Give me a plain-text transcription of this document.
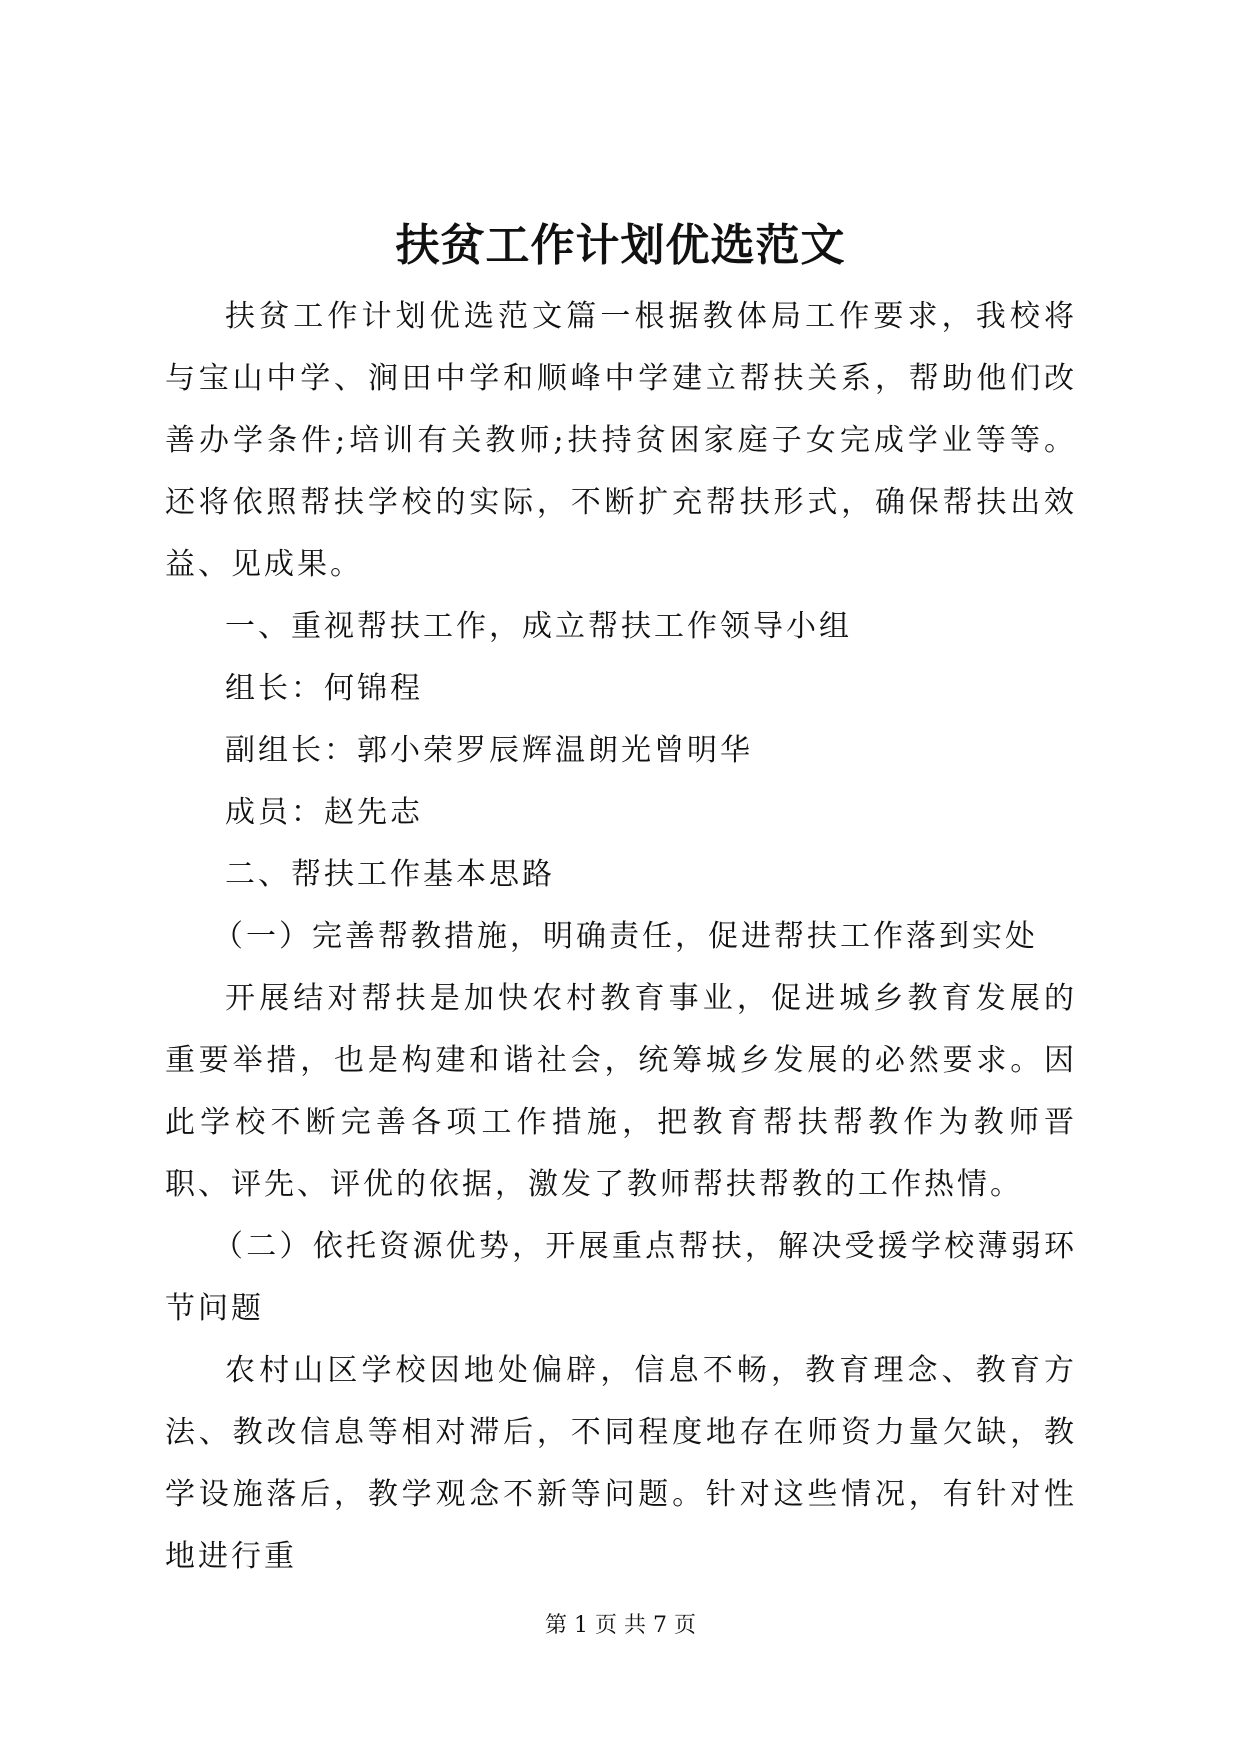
扶贫工作计划优选范文

扶贫工作计划优选范文篇一根据教体局工作要求，我校将与宝山中学、涧田中学和顺峰中学建立帮扶关系，帮助他们改善办学条件;培训有关教师;扶持贫困家庭子女完成学业等等。还将依照帮扶学校的实际，不断扩充帮扶形式，确保帮扶出效益、见成果。

一、重视帮扶工作，成立帮扶工作领导小组

组长：何锦程

副组长：郭小荣罗辰辉温朗光曾明华

成员：赵先志

二、帮扶工作基本思路

（一）完善帮教措施，明确责任，促进帮扶工作落到实处

开展结对帮扶是加快农村教育事业，促进城乡教育发展的重要举措，也是构建和谐社会，统筹城乡发展的必然要求。因此学校不断完善各项工作措施，把教育帮扶帮教作为教师晋职、评先、评优的依据，激发了教师帮扶帮教的工作热情。

（二）依托资源优势，开展重点帮扶，解决受援学校薄弱环节问题

农村山区学校因地处偏辟，信息不畅，教育理念、教育方法、教改信息等相对滞后，不同程度地存在师资力量欠缺，教学设施落后，教学观念不新等问题。针对这些情况，有针对性地进行重

第 1 页 共 7 页
